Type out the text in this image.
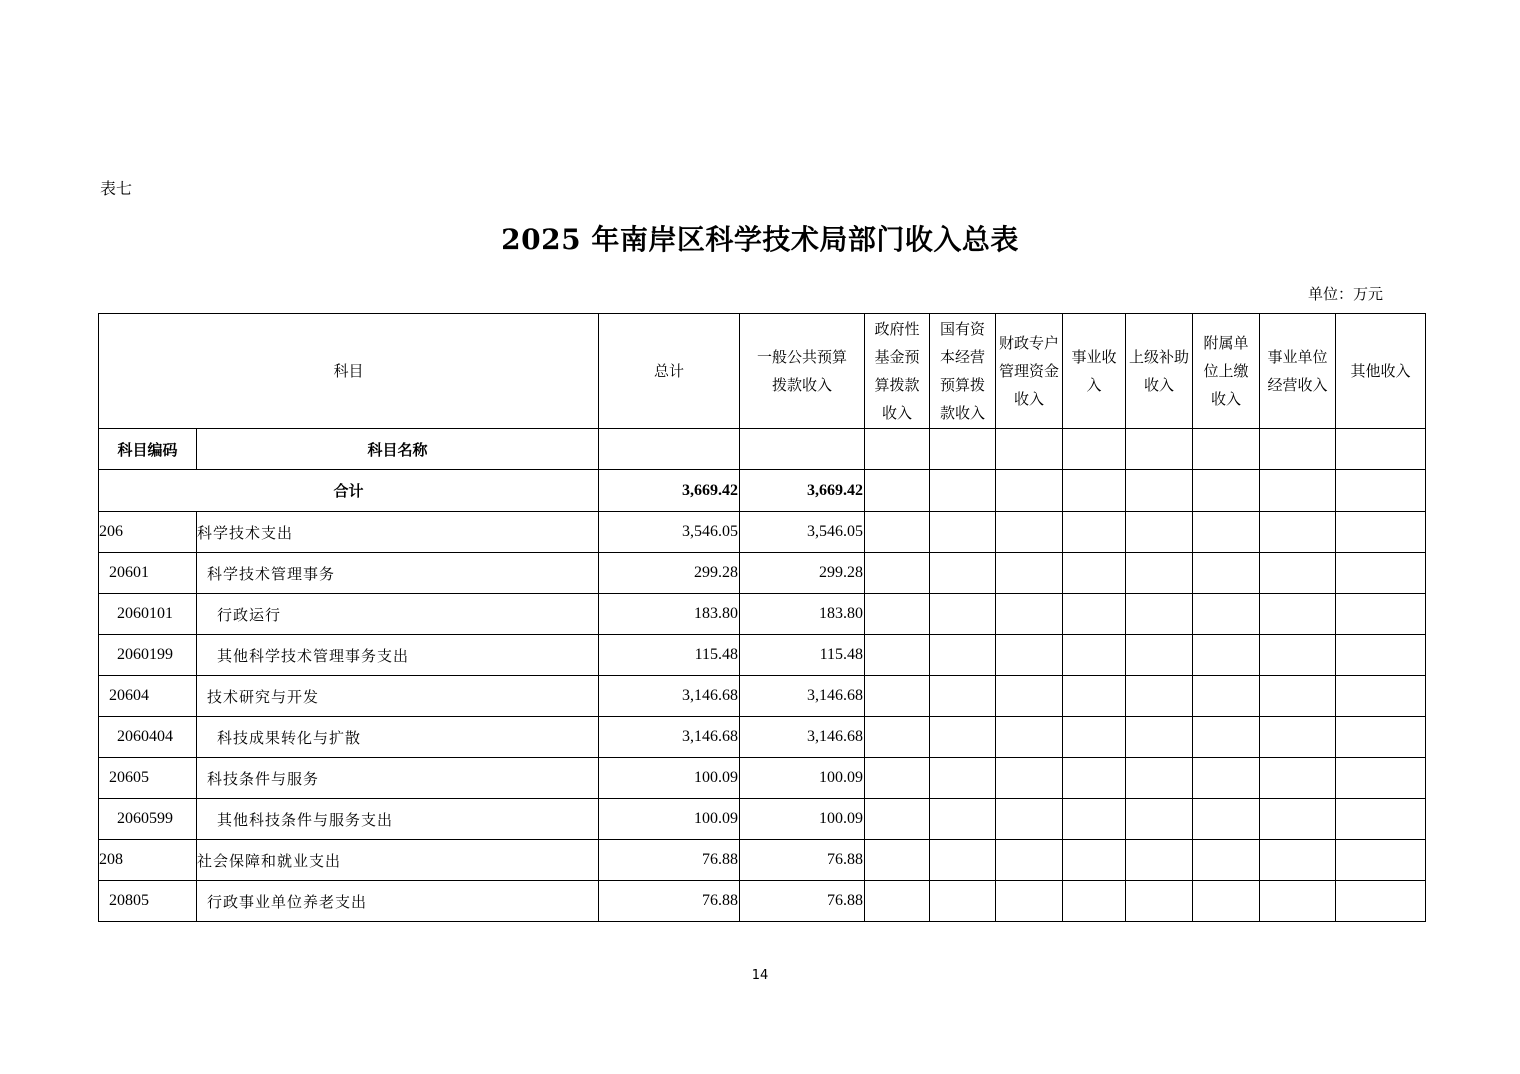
表七
2025 年南岸区科学技术局部门收入总表
单位：万元
科目		总计	一般公共预算拨款收入	政府性基金预算拨款收入	国有资本经营预算拨款收入	财政专户管理资金收入	事业收入	上级补助收入	附属单位上缴收入	事业单位经营收入	其他收入
科目编码	科目名称										
合计		3,669.42	3,669.42								
206	科学技术支出	3,546.05	3,546.05								
20601	科学技术管理事务	299.28	299.28								
2060101	行政运行	183.80	183.80								
2060199	其他科学技术管理事务支出	115.48	115.48								
20604	技术研究与开发	3,146.68	3,146.68								
2060404	科技成果转化与扩散	3,146.68	3,146.68								
20605	科技条件与服务	100.09	100.09								
2060599	其他科技条件与服务支出	100.09	100.09								
208	社会保障和就业支出	76.88	76.88								
20805	行政事业单位养老支出	76.88	76.88								
14
